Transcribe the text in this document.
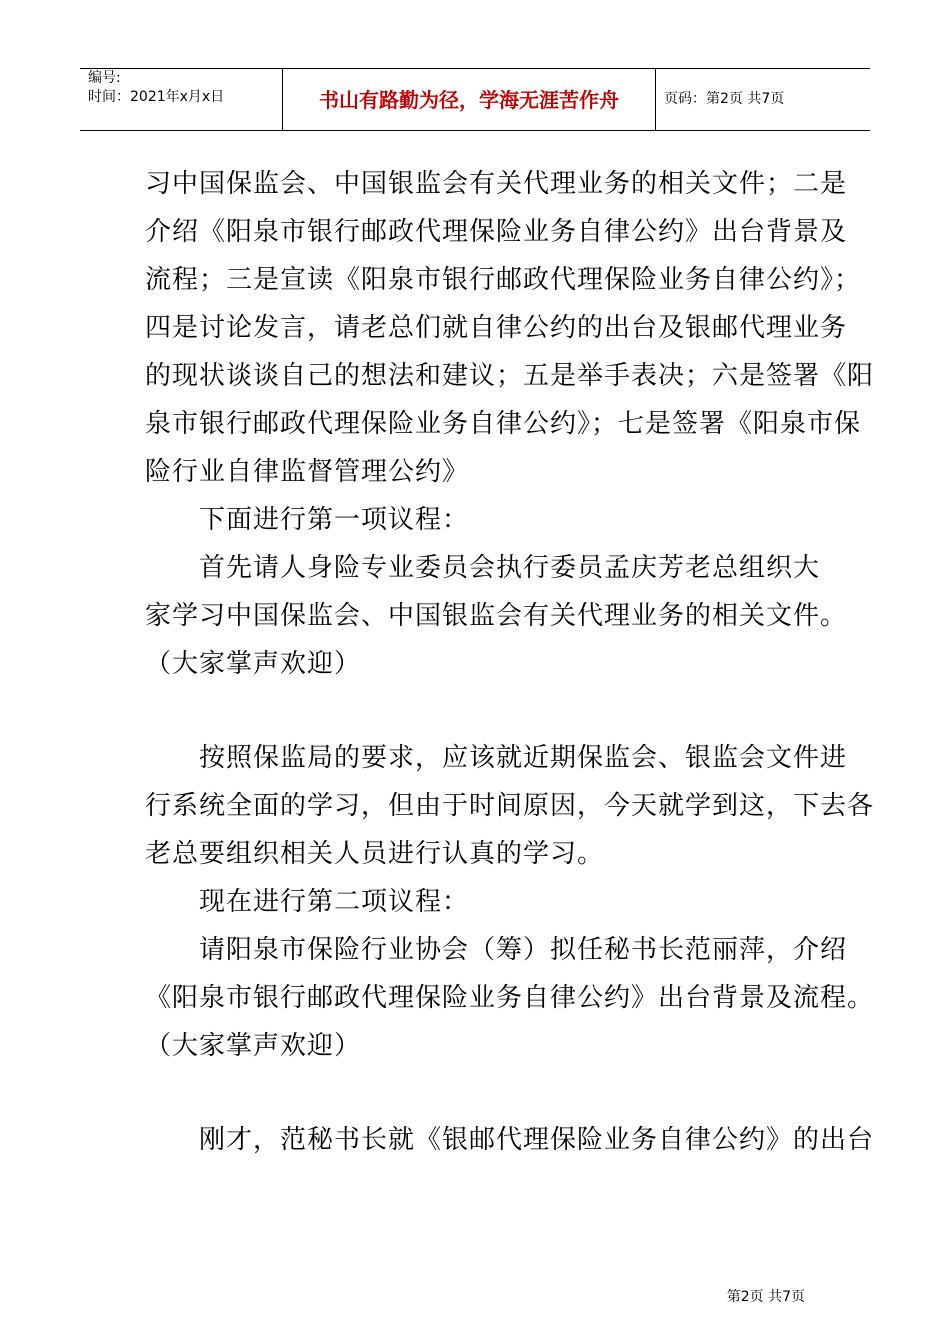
编号:
时间：2021年x月x日	书山有路勤为径，学海无涯苦作舟	页码：第2页 共7页
习中国保监会、中国银监会有关代理业务的相关文件；二是
介绍《阳泉市银行邮政代理保险业务自律公约》出台背景及
流程；三是宣读《阳泉市银行邮政代理保险业务自律公约》；
四是讨论发言，请老总们就自律公约的出台及银邮代理业务
的现状谈谈自己的想法和建议；五是举手表决；六是签署《阳
泉市银行邮政代理保险业务自律公约》；七是签署《阳泉市保
险行业自律监督管理公约》
　　下面进行第一项议程：
　　首先请人身险专业委员会执行委员孟庆芳老总组织大
家学习中国保监会、中国银监会有关代理业务的相关文件。
（大家掌声欢迎）
　　按照保监局的要求，应该就近期保监会、银监会文件进
行系统全面的学习，但由于时间原因，今天就学到这，下去各
老总要组织相关人员进行认真的学习。
　　现在进行第二项议程：
　　请阳泉市保险行业协会（筹）拟任秘书长范丽萍，介绍
《阳泉市银行邮政代理保险业务自律公约》出台背景及流程。
（大家掌声欢迎）
　　刚才，范秘书长就《银邮代理保险业务自律公约》的出台
第2页 共7页
